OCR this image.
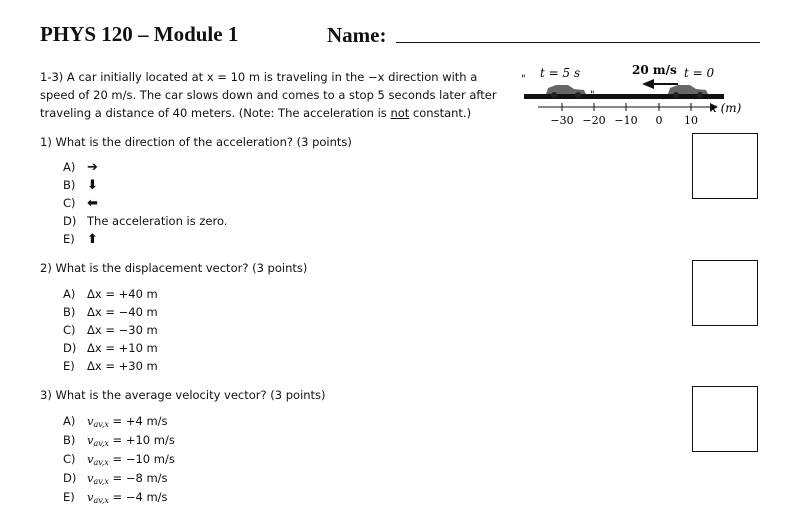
PHYS 120 – Module 1	Name:
1-3) A car initially located at x = 10 m is traveling in the −x direction with a
speed of 20 m/s. The car slows down and comes to a stop 5 seconds later after
traveling a distance of 40 meters. (Note: The acceleration is not constant.)
t = 5 s	20 m/s t = 0
"
x (m)
−30 −20 −10 0 10
1) What is the direction of the acceleration? (3 points)
A) ➔
B) ⬇
C) ⬅
D) The acceleration is zero.
E) ⬆
2) What is the displacement vector? (3 points)
A) Δx = +40 m
B) Δx = −40 m
C) Δx = −30 m
D) Δx = +10 m
E) Δx = +30 m
3) What is the average velocity vector? (3 points)
A) $v_{av,x} = +4$ m/s
B) $v_{av,x} = +10$ m/s
C) $v_{av,x} = -10$ m/s
D) $v_{av,x} = -8$ m/s
E) $v_{av,x} = -4$ m/s
